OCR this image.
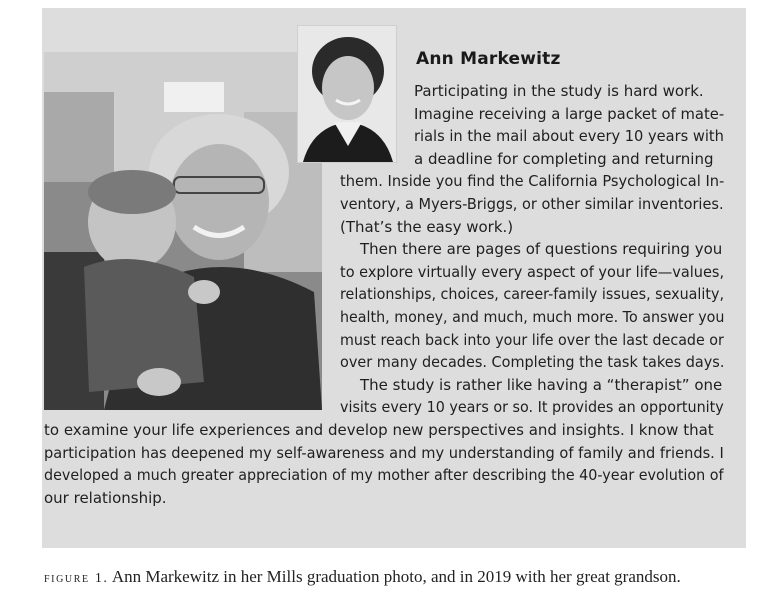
Ann Markewitz

Participating in the study is hard work.

Imagine receiving a large packet of mate-

rials in the mail about every 10 years with

a deadline for completing and returning

them. Inside you find the California Psychological In-

ventory, a Myers-Briggs, or other similar inventories.

(That’s the easy work.)

Then there are pages of questions requiring you

to explore virtually every aspect of your life—values,

relationships, choices, career-family issues, sexuality,

health, money, and much, much more. To answer you

must reach back into your life over the last decade or

over many decades. Completing the task takes days.

The study is rather like having a “therapist” one

visits every 10 years or so. It provides an opportunity

to examine your life experiences and develop new perspectives and insights. I know that

participation has deepened my self-awareness and my understanding of family and friends. I

developed a much greater appreciation of my mother after describing the 40-year evolution of

our relationship.

figure 1. Ann Markewitz in her Mills graduation photo, and in 2019 with her great grandson.
